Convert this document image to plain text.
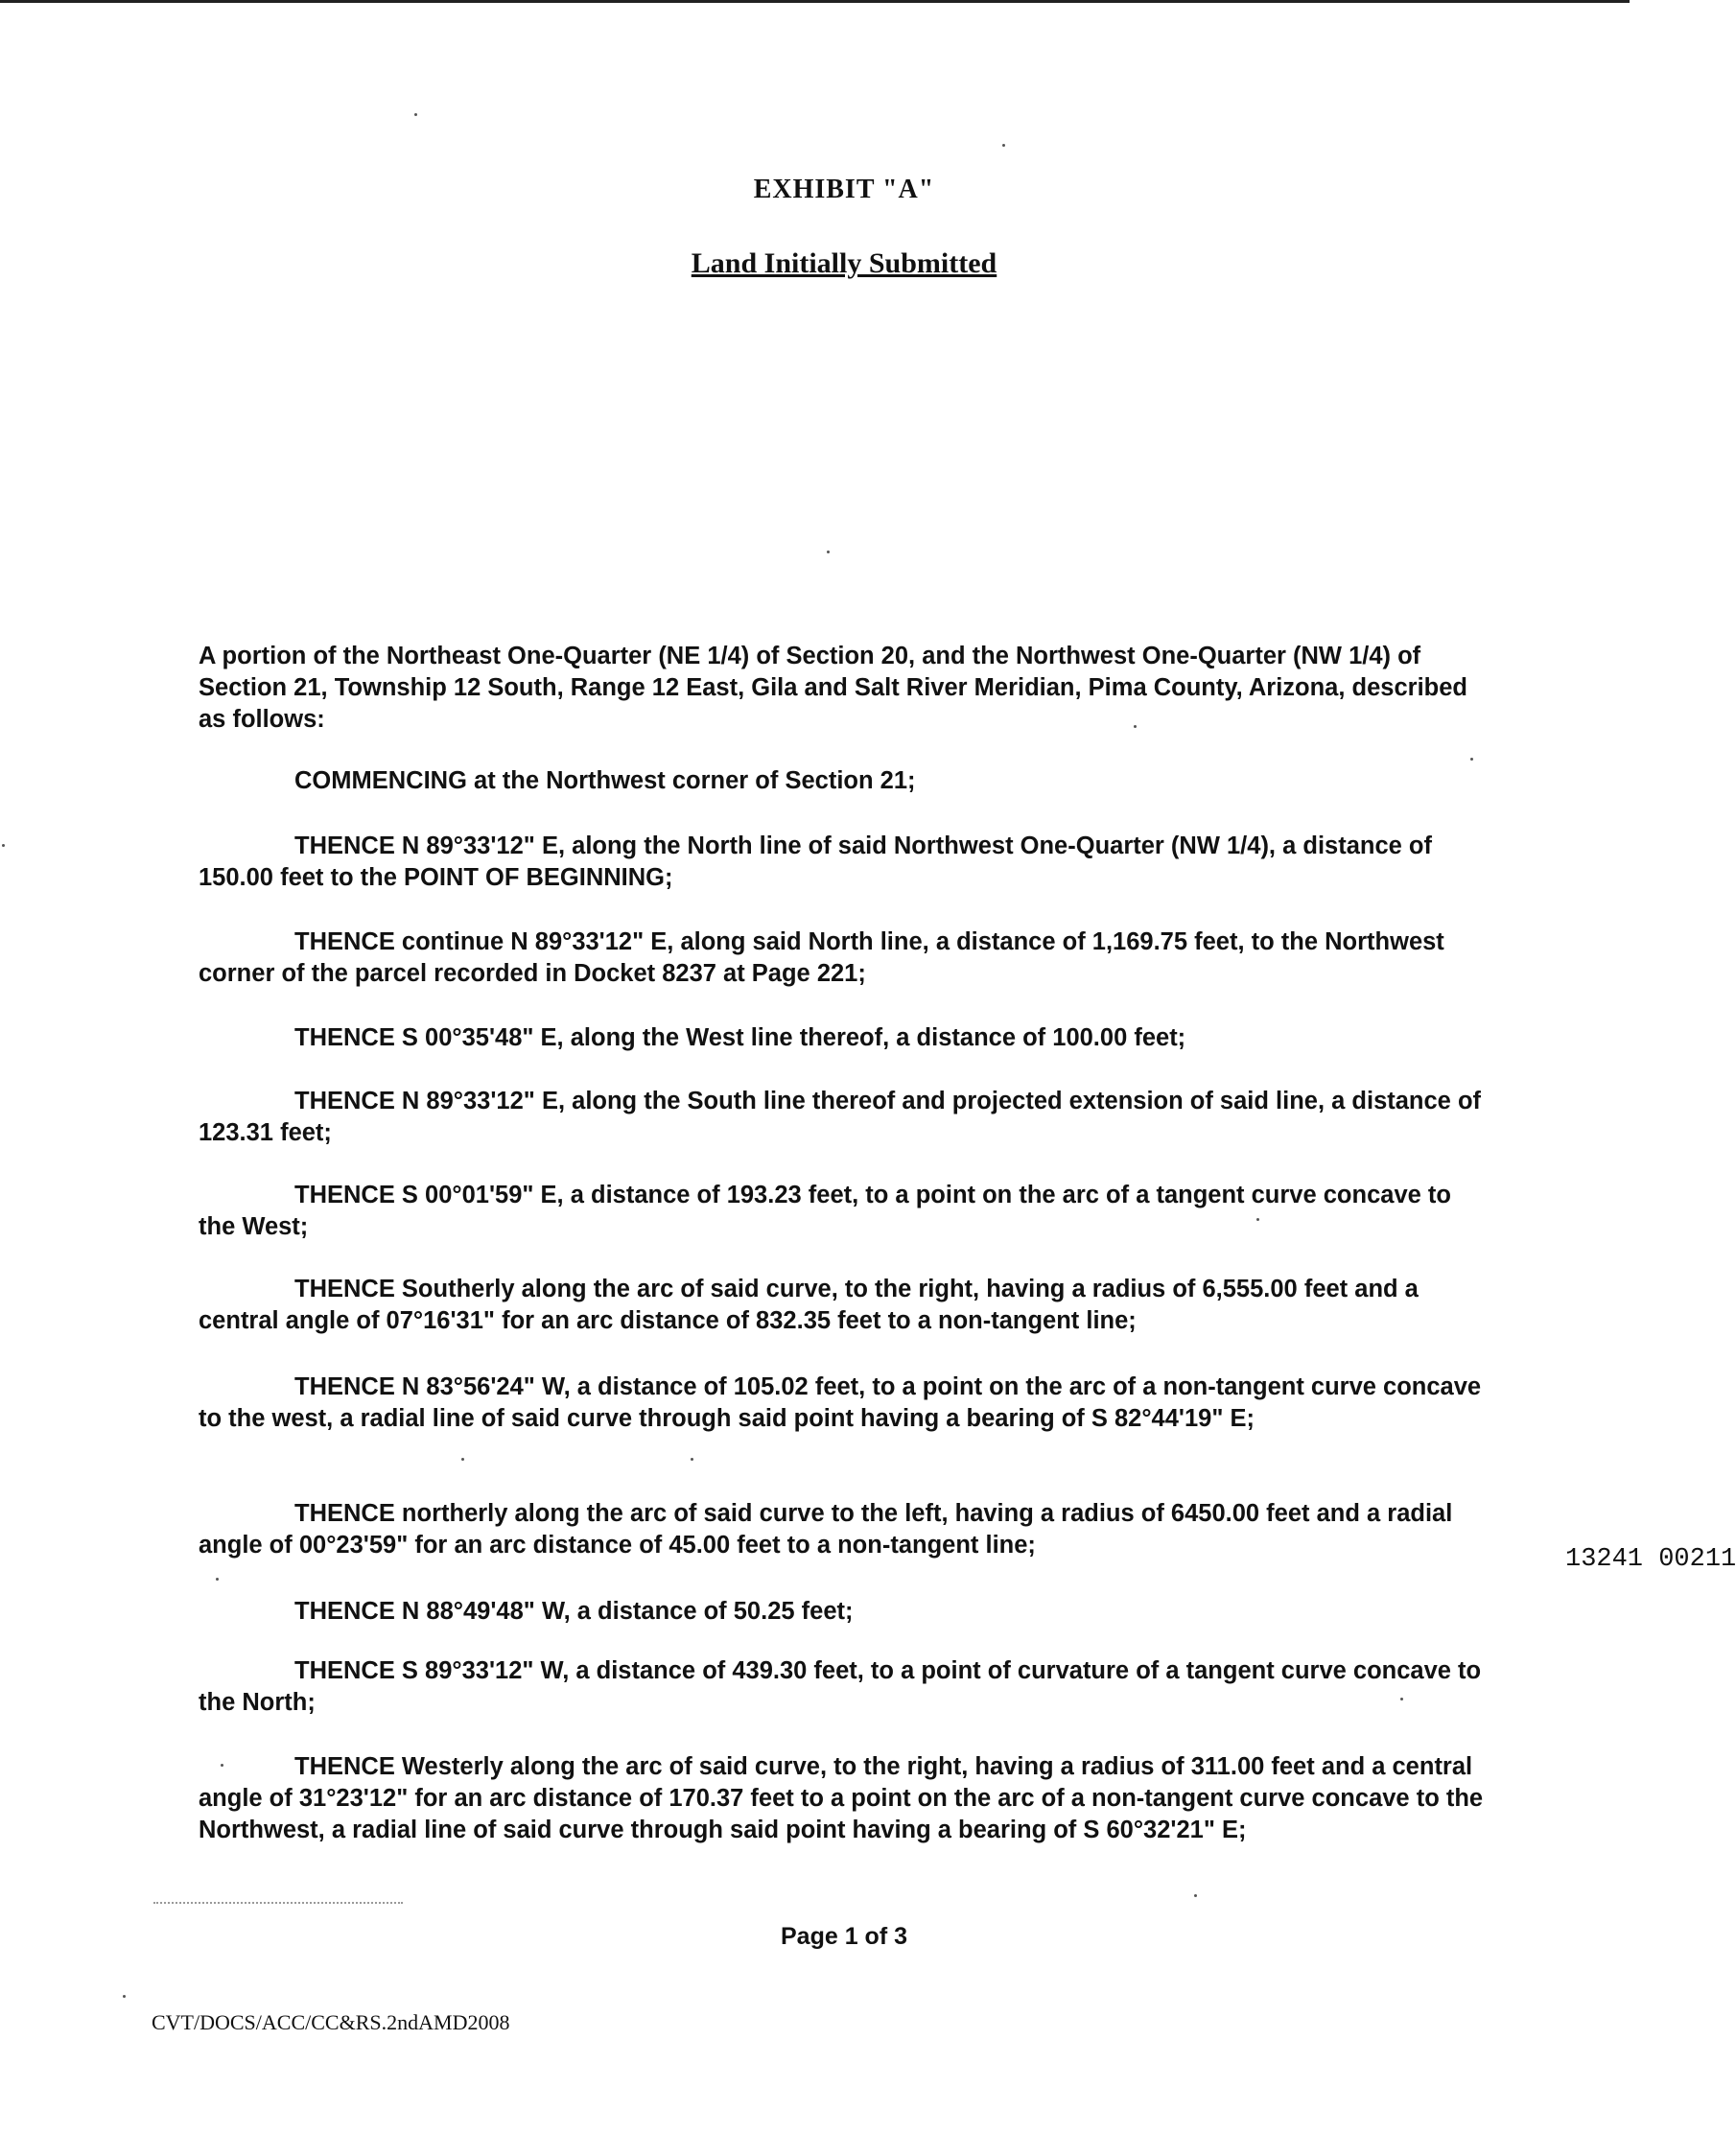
EXHIBIT "A"
Land Initially Submitted
A portion of the Northeast One-Quarter (NE 1/4) of Section 20, and the Northwest One-Quarter (NW 1/4) of Section 21, Township 12 South, Range 12 East, Gila and Salt River Meridian, Pima County, Arizona, described as follows:

COMMENCING at the Northwest corner of Section 21;

THENCE N 89°33'12" E, along the North line of said Northwest One-Quarter (NW 1/4), a distance of 150.00 feet to the POINT OF BEGINNING;

THENCE continue N 89°33'12" E, along said North line, a distance of 1,169.75 feet, to the Northwest corner of the parcel recorded in Docket 8237 at Page 221;

THENCE S 00°35'48" E, along the West line thereof, a distance of 100.00 feet;

THENCE N 89°33'12" E, along the South line thereof and projected extension of said line, a distance of 123.31 feet;

THENCE S 00°01'59" E, a distance of 193.23 feet, to a point on the arc of a tangent curve concave to the West;

THENCE Southerly along the arc of said curve, to the right, having a radius of 6,555.00 feet and a central angle of 07°16'31" for an arc distance of 832.35 feet to a non-tangent line;

THENCE N 83°56'24" W, a distance of 105.02 feet, to a point on the arc of a non-tangent curve concave to the west, a radial line of said curve through said point having a bearing of S 82°44'19" E;

THENCE northerly along the arc of said curve to the left, having a radius of 6450.00 feet and a radial angle of 00°23'59" for an arc distance of 45.00 feet to a non-tangent line;

THENCE N 88°49'48" W, a distance of 50.25 feet;

THENCE S 89°33'12" W, a distance of 439.30 feet, to a point of curvature of a tangent curve concave to the North;

THENCE Westerly along the arc of said curve, to the right, having a radius of 311.00 feet and a central angle of 31°23'12" for an arc distance of 170.37 feet to a point on the arc of a non-tangent curve concave to the Northwest, a radial line of said curve through said point having a bearing of S 60°32'21" E;

Page 1 of 3
CVT/DOCS/ACC/CC&RS.2ndAMD2008
13241 00211
